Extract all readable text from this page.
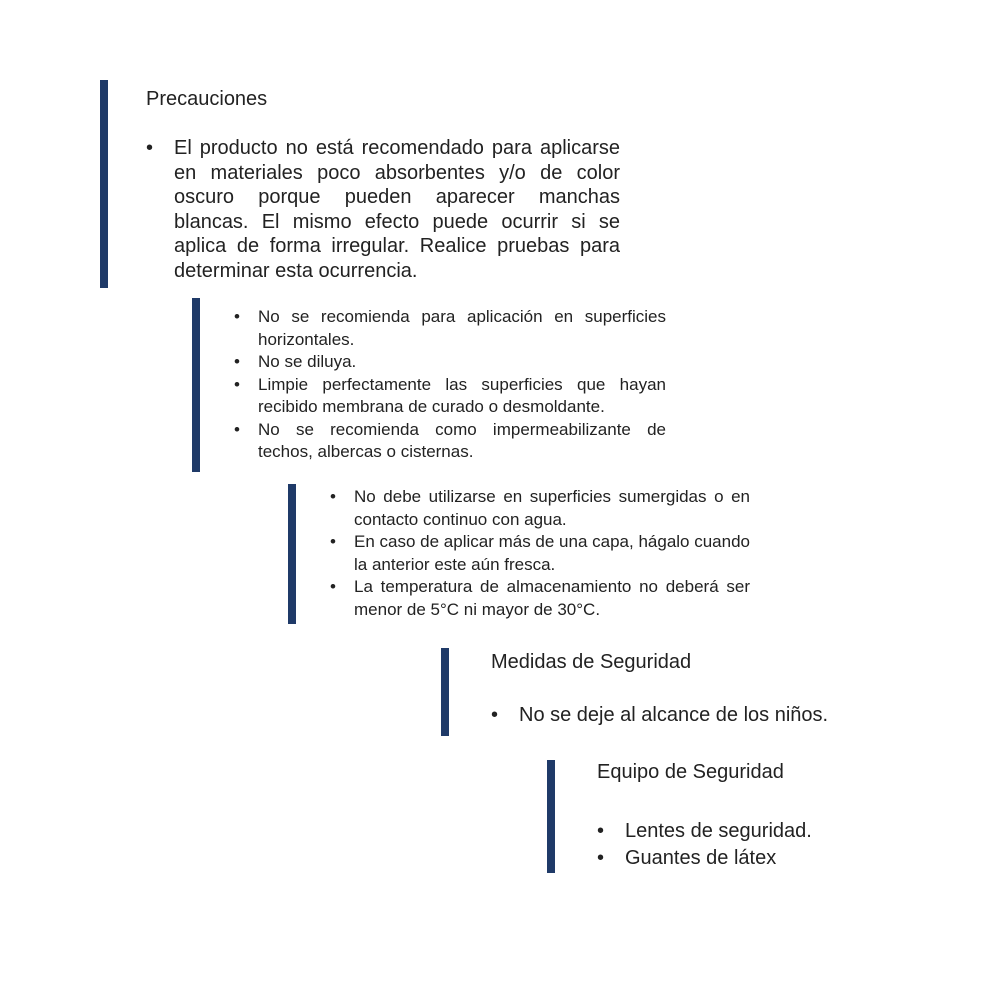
Precauciones
• El producto no está recomendado para aplicarse en materiales poco absorbentes y/o de color oscuro porque pueden aparecer manchas blancas. El mismo efecto puede ocurrir si se aplica de forma irregular. Realice pruebas para determinar esta ocurrencia.
• No se recomienda para aplicación en superficies horizontales.
• No se diluya.
• Limpie perfectamente las superficies que hayan recibido membrana de curado o desmoldante.
• No se recomienda como impermeabilizante de techos, albercas o cisternas.
• No debe utilizarse en superficies sumergidas o en contacto continuo con agua.
• En caso de aplicar más de una capa, hágalo cuando la anterior este aún fresca.
• La temperatura de almacenamiento no deberá ser menor de 5°C ni mayor de 30°C.
Medidas de Seguridad
• No se deje al alcance de los niños.
Equipo de Seguridad
• Lentes de seguridad.
• Guantes de látex
